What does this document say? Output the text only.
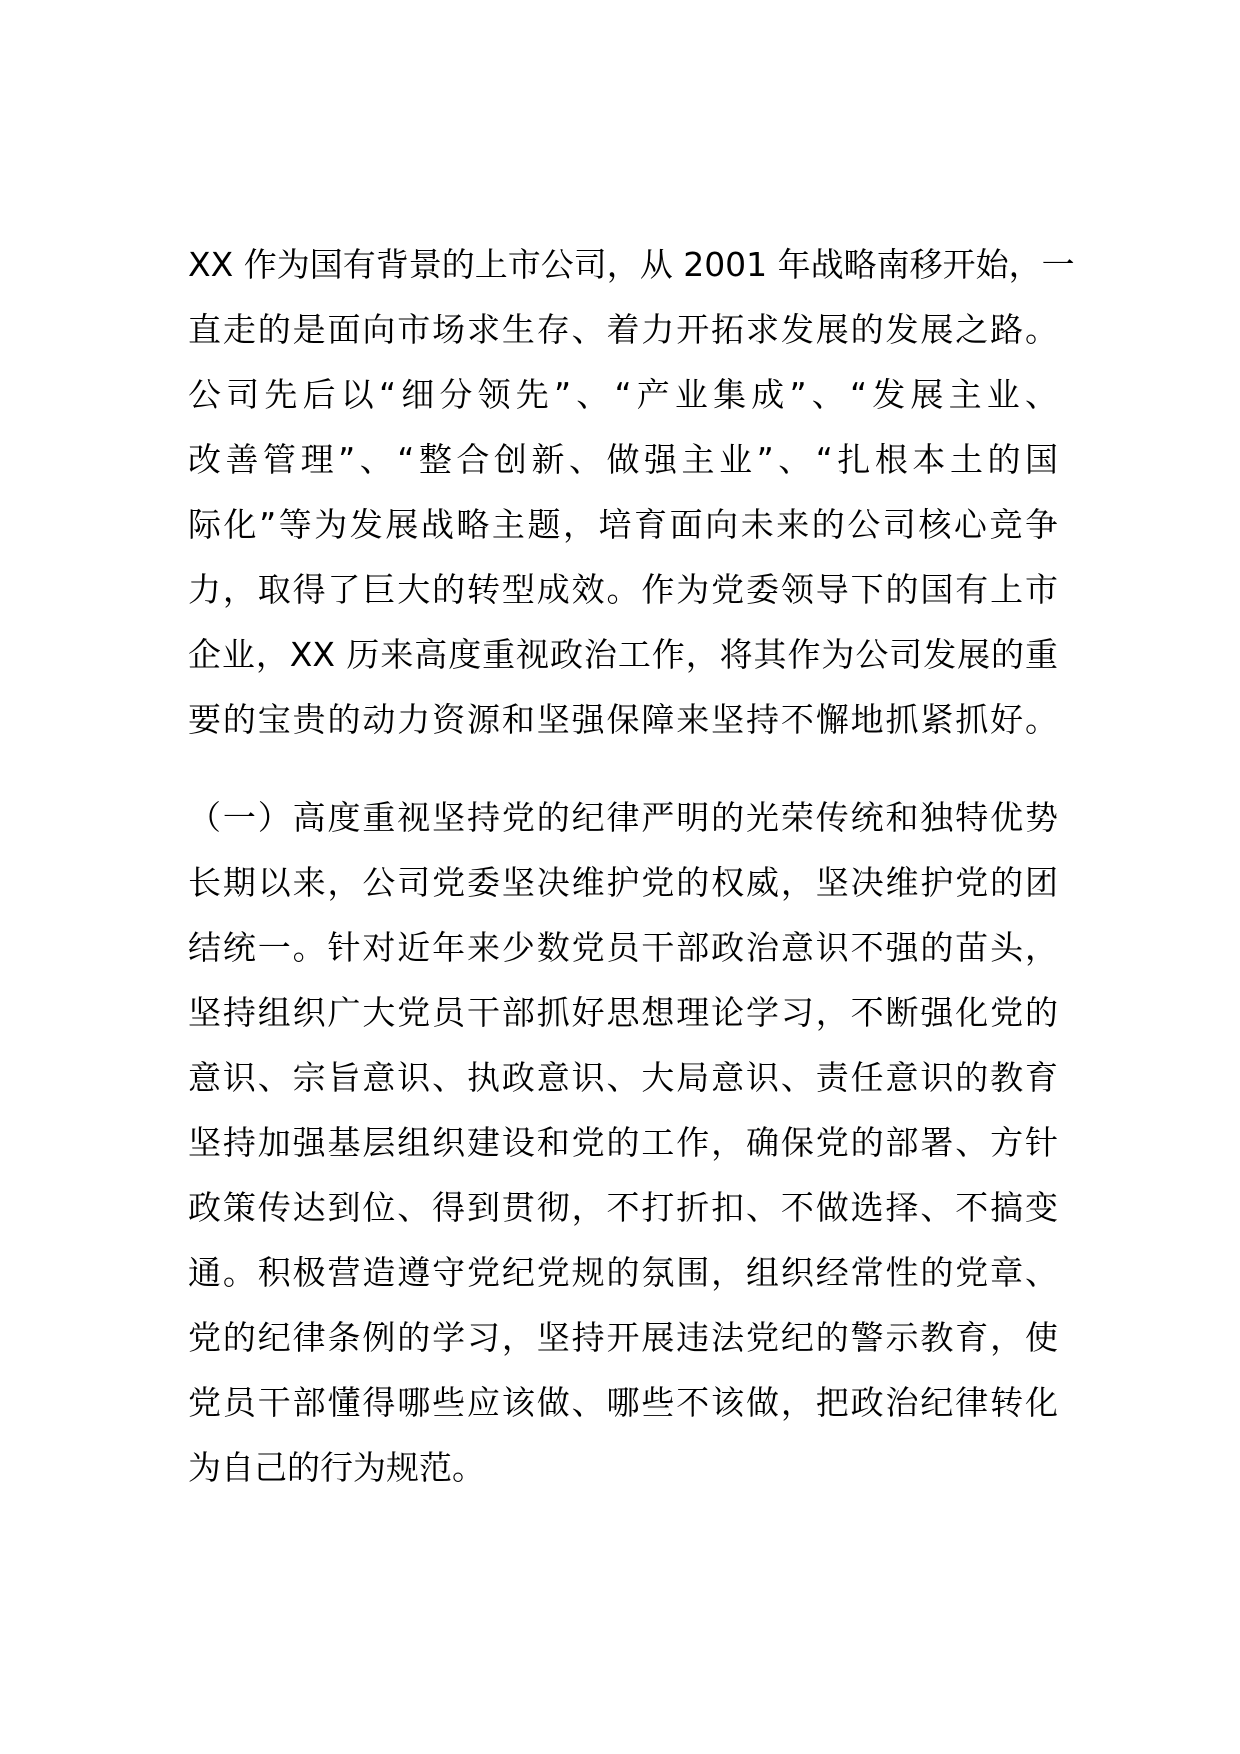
XX 作为国有背景的上市公司，从 2001 年战略南移开始，一
直走的是面向市场求生存、着力开拓求发展的发展之路。
公司先后以“细分领先”、“产业集成”、“发展主业、
改善管理”、“整合创新、做强主业”、“扎根本土的国
际化”等为发展战略主题，培育面向未来的公司核心竞争
力，取得了巨大的转型成效。作为党委领导下的国有上市
企业，XX 历来高度重视政治工作，将其作为公司发展的重
要的宝贵的动力资源和坚强保障来坚持不懈地抓紧抓好。
（一）高度重视坚持党的纪律严明的光荣传统和独特优势
长期以来，公司党委坚决维护党的权威，坚决维护党的团
结统一。针对近年来少数党员干部政治意识不强的苗头，
坚持组织广大党员干部抓好思想理论学习，不断强化党的
意识、宗旨意识、执政意识、大局意识、责任意识的教育
坚持加强基层组织建设和党的工作，确保党的部署、方针
政策传达到位、得到贯彻，不打折扣、不做选择、不搞变
通。积极营造遵守党纪党规的氛围，组织经常性的党章、
党的纪律条例的学习，坚持开展违法党纪的警示教育，使
党员干部懂得哪些应该做、哪些不该做，把政治纪律转化
为自己的行为规范。
